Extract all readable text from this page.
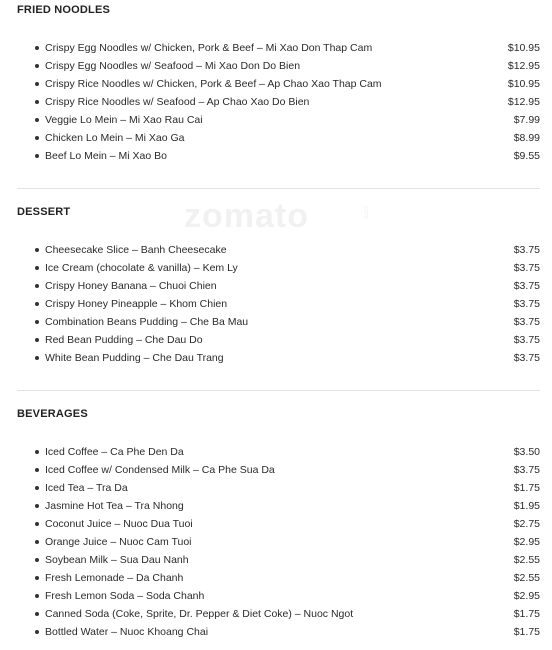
zomato	.com
FRIED NOODLES
Crispy Egg Noodles w/ Chicken, Pork & Beef – Mi Xao Don Thap Cam	$10.95
Crispy Egg Noodles w/ Seafood – Mi Xao Don Do Bien	$12.95
Crispy Rice Noodles w/ Chicken, Pork & Beef – Ap Chao Xao Thap Cam	$10.95
Crispy Rice Noodles w/ Seafood – Ap Chao Xao Do Bien	$12.95
Veggie Lo Mein – Mi Xao Rau Cai	$7.99
Chicken Lo Mein – Mi Xao Ga	$8.99
Beef Lo Mein – Mi Xao Bo	$9.55
DESSERT
Cheesecake Slice – Banh Cheesecake	$3.75
Ice Cream (chocolate & vanilla) – Kem Ly	$3.75
Crispy Honey Banana – Chuoi Chien	$3.75
Crispy Honey Pineapple – Khom Chien	$3.75
Combination Beans Pudding – Che Ba Mau	$3.75
Red Bean Pudding – Che Dau Do	$3.75
White Bean Pudding – Che Dau Trang	$3.75
BEVERAGES
Iced Coffee – Ca Phe Den Da	$3.50
Iced Coffee w/ Condensed Milk – Ca Phe Sua Da	$3.75
Iced Tea – Tra Da	$1.75
Jasmine Hot Tea – Tra Nhong	$1.95
Coconut Juice – Nuoc Dua Tuoi	$2.75
Orange Juice – Nuoc Cam Tuoi	$2.95
Soybean Milk – Sua Dau Nanh	$2.55
Fresh Lemonade – Da Chanh	$2.55
Fresh Lemon Soda – Soda Chanh	$2.95
Canned Soda (Coke, Sprite, Dr. Pepper & Diet Coke) – Nuoc Ngot	$1.75
Bottled Water – Nuoc Khoang Chai	$1.75
